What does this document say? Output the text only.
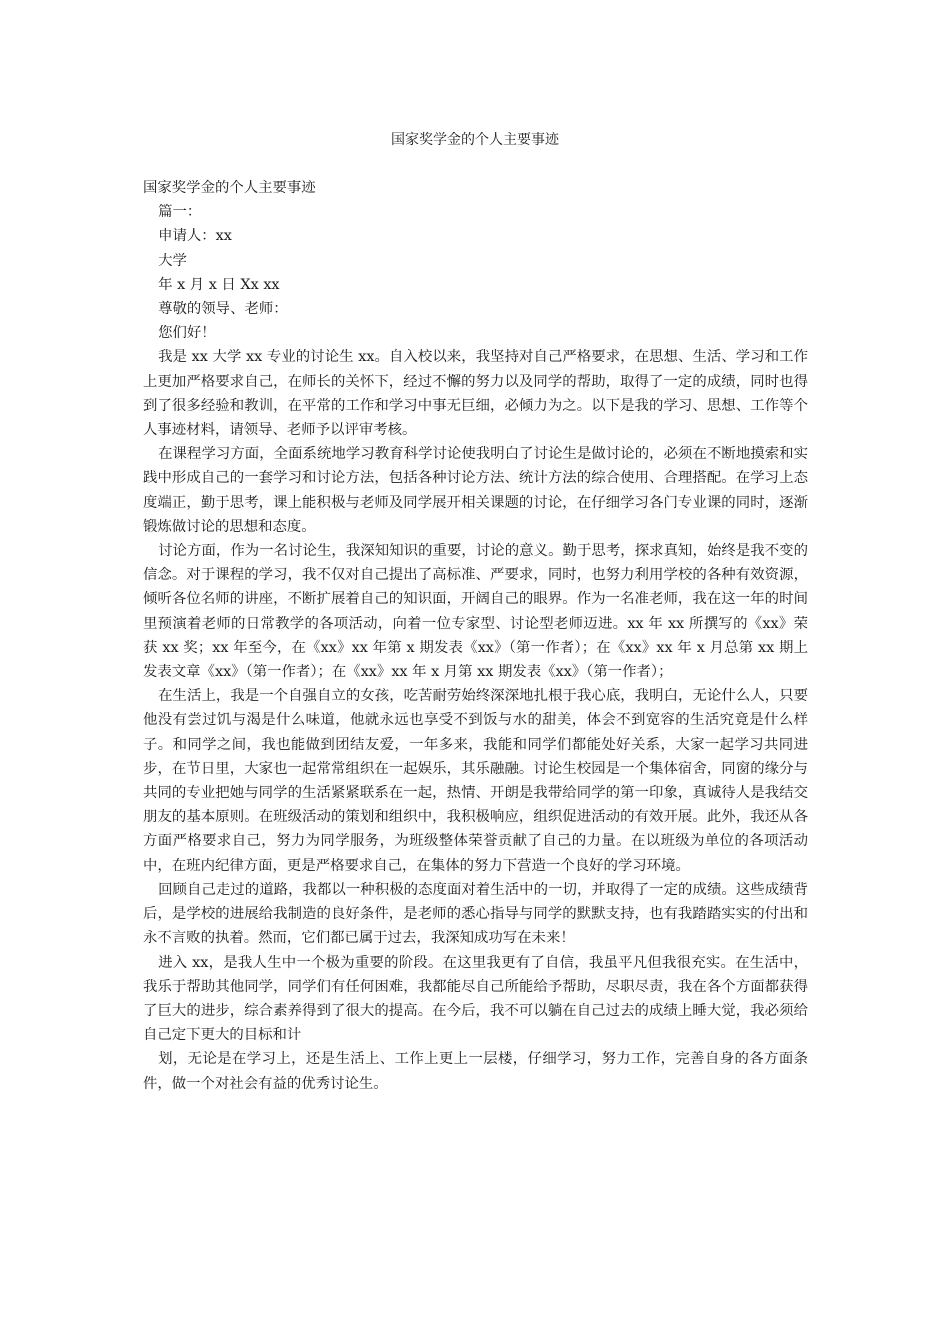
国家奖学金的个人主要事迹

国家奖学金的个人主要事迹

篇一：

申请人：xx

大学

年 x 月 x 日 Xx xx

尊敬的领导、老师：

您们好！

我是 xx 大学 xx 专业的讨论生 xx。自入校以来，我坚持对自己严格要求，在思想、生活、学习和工作上更加严格要求自己，在师长的关怀下，经过不懈的努力以及同学的帮助，取得了一定的成绩，同时也得到了很多经验和教训，在平常的工作和学习中事无巨细，必倾力为之。以下是我的学习、思想、工作等个人事迹材料，请领导、老师予以评审考核。

在课程学习方面，全面系统地学习教育科学讨论使我明白了讨论生是做讨论的，必须在不断地摸索和实践中形成自己的一套学习和讨论方法，包括各种讨论方法、统计方法的综合使用、合理搭配。在学习上态度端正，勤于思考，课上能积极与老师及同学展开相关课题的讨论，在仔细学习各门专业课的同时，逐渐锻炼做讨论的思想和态度。

讨论方面，作为一名讨论生，我深知知识的重要，讨论的意义。勤于思考，探求真知，始终是我不变的信念。对于课程的学习，我不仅对自己提出了高标准、严要求，同时，也努力利用学校的各种有效资源，倾听各位名师的讲座，不断扩展着自己的知识面，开阔自己的眼界。作为一名准老师，我在这一年的时间里预演着老师的日常教学的各项活动，向着一位专家型、讨论型老师迈进。xx 年 xx 所撰写的《xx》荣获 xx 奖；xx 年至今，在《xx》xx 年第 x 期发表《xx》（第一作者）；在《xx》xx 年 x 月总第 xx 期上发表文章《xx》（第一作者）；在《xx》xx 年 x 月第 xx 期发表《xx》（第一作者）；

在生活上，我是一个自强自立的女孩，吃苦耐劳始终深深地扎根于我心底，我明白，无论什么人，只要他没有尝过饥与渴是什么味道，他就永远也享受不到饭与水的甜美，体会不到宽容的生活究竟是什么样子。和同学之间，我也能做到团结友爱，一年多来，我能和同学们都能处好关系，大家一起学习共同进步，在节日里，大家也一起常常组织在一起娱乐，其乐融融。讨论生校园是一个集体宿舍，同窗的缘分与共同的专业把她与同学的生活紧紧联系在一起，热情、开朗是我带给同学的第一印象，真诚待人是我结交朋友的基本原则。在班级活动的策划和组织中，我积极响应，组织促进活动的有效开展。此外，我还从各方面严格要求自己，努力为同学服务，为班级整体荣誉贡献了自己的力量。在以班级为单位的各项活动中，在班内纪律方面，更是严格要求自己，在集体的努力下营造一个良好的学习环境。

回顾自己走过的道路，我都以一种积极的态度面对着生活中的一切，并取得了一定的成绩。这些成绩背后，是学校的进展给我制造的良好条件，是老师的悉心指导与同学的默默支持，也有我踏踏实实的付出和永不言败的执着。然而，它们都已属于过去，我深知成功写在未来！

进入 xx，是我人生中一个极为重要的阶段。在这里我更有了自信，我虽平凡但我很充实。在生活中，我乐于帮助其他同学，同学们有任何困难，我都能尽自己所能给予帮助，尽职尽责，我在各个方面都获得了巨大的进步，综合素养得到了很大的提高。在今后，我不可以躺在自己过去的成绩上睡大觉，我必须给自己定下更大的目标和计

划，无论是在学习上，还是生活上、工作上更上一层楼，仔细学习，努力工作，完善自身的各方面条件，做一个对社会有益的优秀讨论生。
